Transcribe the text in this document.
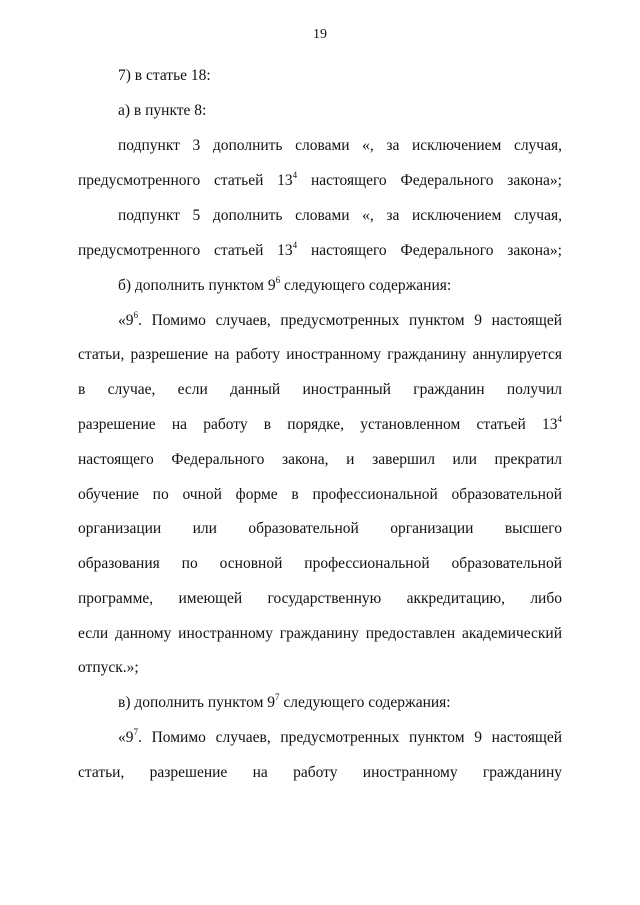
19
7) в статье 18:
а) в пункте 8:
подпункт 3 дополнить словами «, за исключением случая,
предусмотренного статьей $13^4$ настоящего Федерального закона»;
подпункт 5 дополнить словами «, за исключением случая,
предусмотренного статьей $13^4$ настоящего Федерального закона»;
б) дополнить пунктом $9^6$ следующего содержания:
«$9^6$. Помимо случаев, предусмотренных пунктом 9 настоящей
статьи, разрешение на работу иностранному гражданину аннулируется
в случае, если данный иностранный гражданин получил
разрешение на работу в порядке, установленном статьей $13^4$
настоящего Федерального закона, и завершил или прекратил
обучение по очной форме в профессиональной образовательной
организации или образовательной организации высшего
образования по основной профессиональной образовательной
программе, имеющей государственную аккредитацию, либо
если данному иностранному гражданину предоставлен академический
отпуск.»;
в) дополнить пунктом $9^7$ следующего содержания:
«$9^7$. Помимо случаев, предусмотренных пунктом 9 настоящей
статьи, разрешение на работу иностранному гражданину
